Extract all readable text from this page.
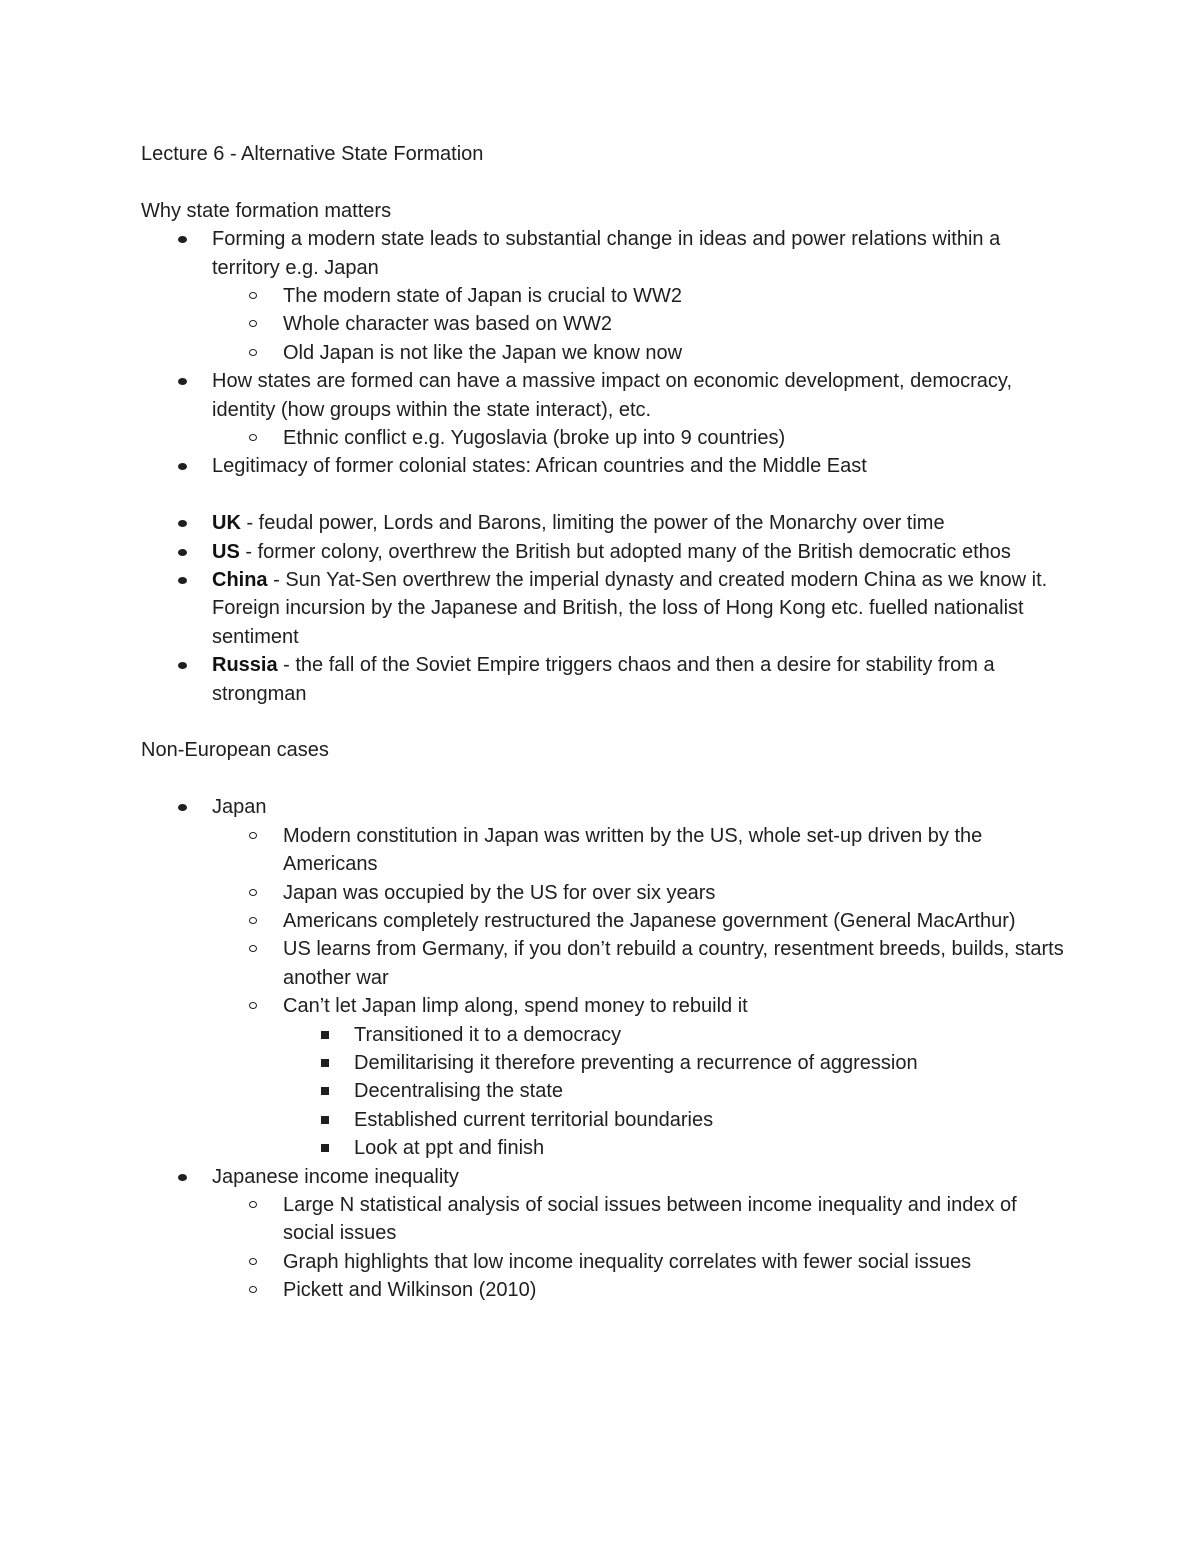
Lecture 6 - Alternative State Formation

Why state formation matters

Forming a modern state leads to substantial change in ideas and power relations within a territory e.g. Japan
The modern state of Japan is crucial to WW2
Whole character was based on WW2
Old Japan is not like the Japan we know now
How states are formed can have a massive impact on economic development, democracy, identity (how groups within the state interact), etc.
Ethnic conflict e.g. Yugoslavia (broke up into 9 countries)
Legitimacy of former colonial states: African countries and the Middle East
UK - feudal power, Lords and Barons, limiting the power of the Monarchy over time
US - former colony, overthrew the British but adopted many of the British democratic ethos
China - Sun Yat-Sen overthrew the imperial dynasty and created modern China as we know it. Foreign incursion by the Japanese and British, the loss of Hong Kong etc. fuelled nationalist sentiment
Russia - the fall of the Soviet Empire triggers chaos and then a desire for stability from a strongman

Non-European cases

Japan
Modern constitution in Japan was written by the US, whole set-up driven by the Americans
Japan was occupied by the US for over six years
Americans completely restructured the Japanese government (General MacArthur)
US learns from Germany, if you don’t rebuild a country, resentment breeds, builds, starts another war
Can’t let Japan limp along, spend money to rebuild it
Transitioned it to a democracy
Demilitarising it therefore preventing a recurrence of aggression
Decentralising the state
Established current territorial boundaries
Look at ppt and finish
Japanese income inequality
Large N statistical analysis of social issues between income inequality and index of social issues
Graph highlights that low income inequality correlates with fewer social issues
Pickett and Wilkinson (2010)
